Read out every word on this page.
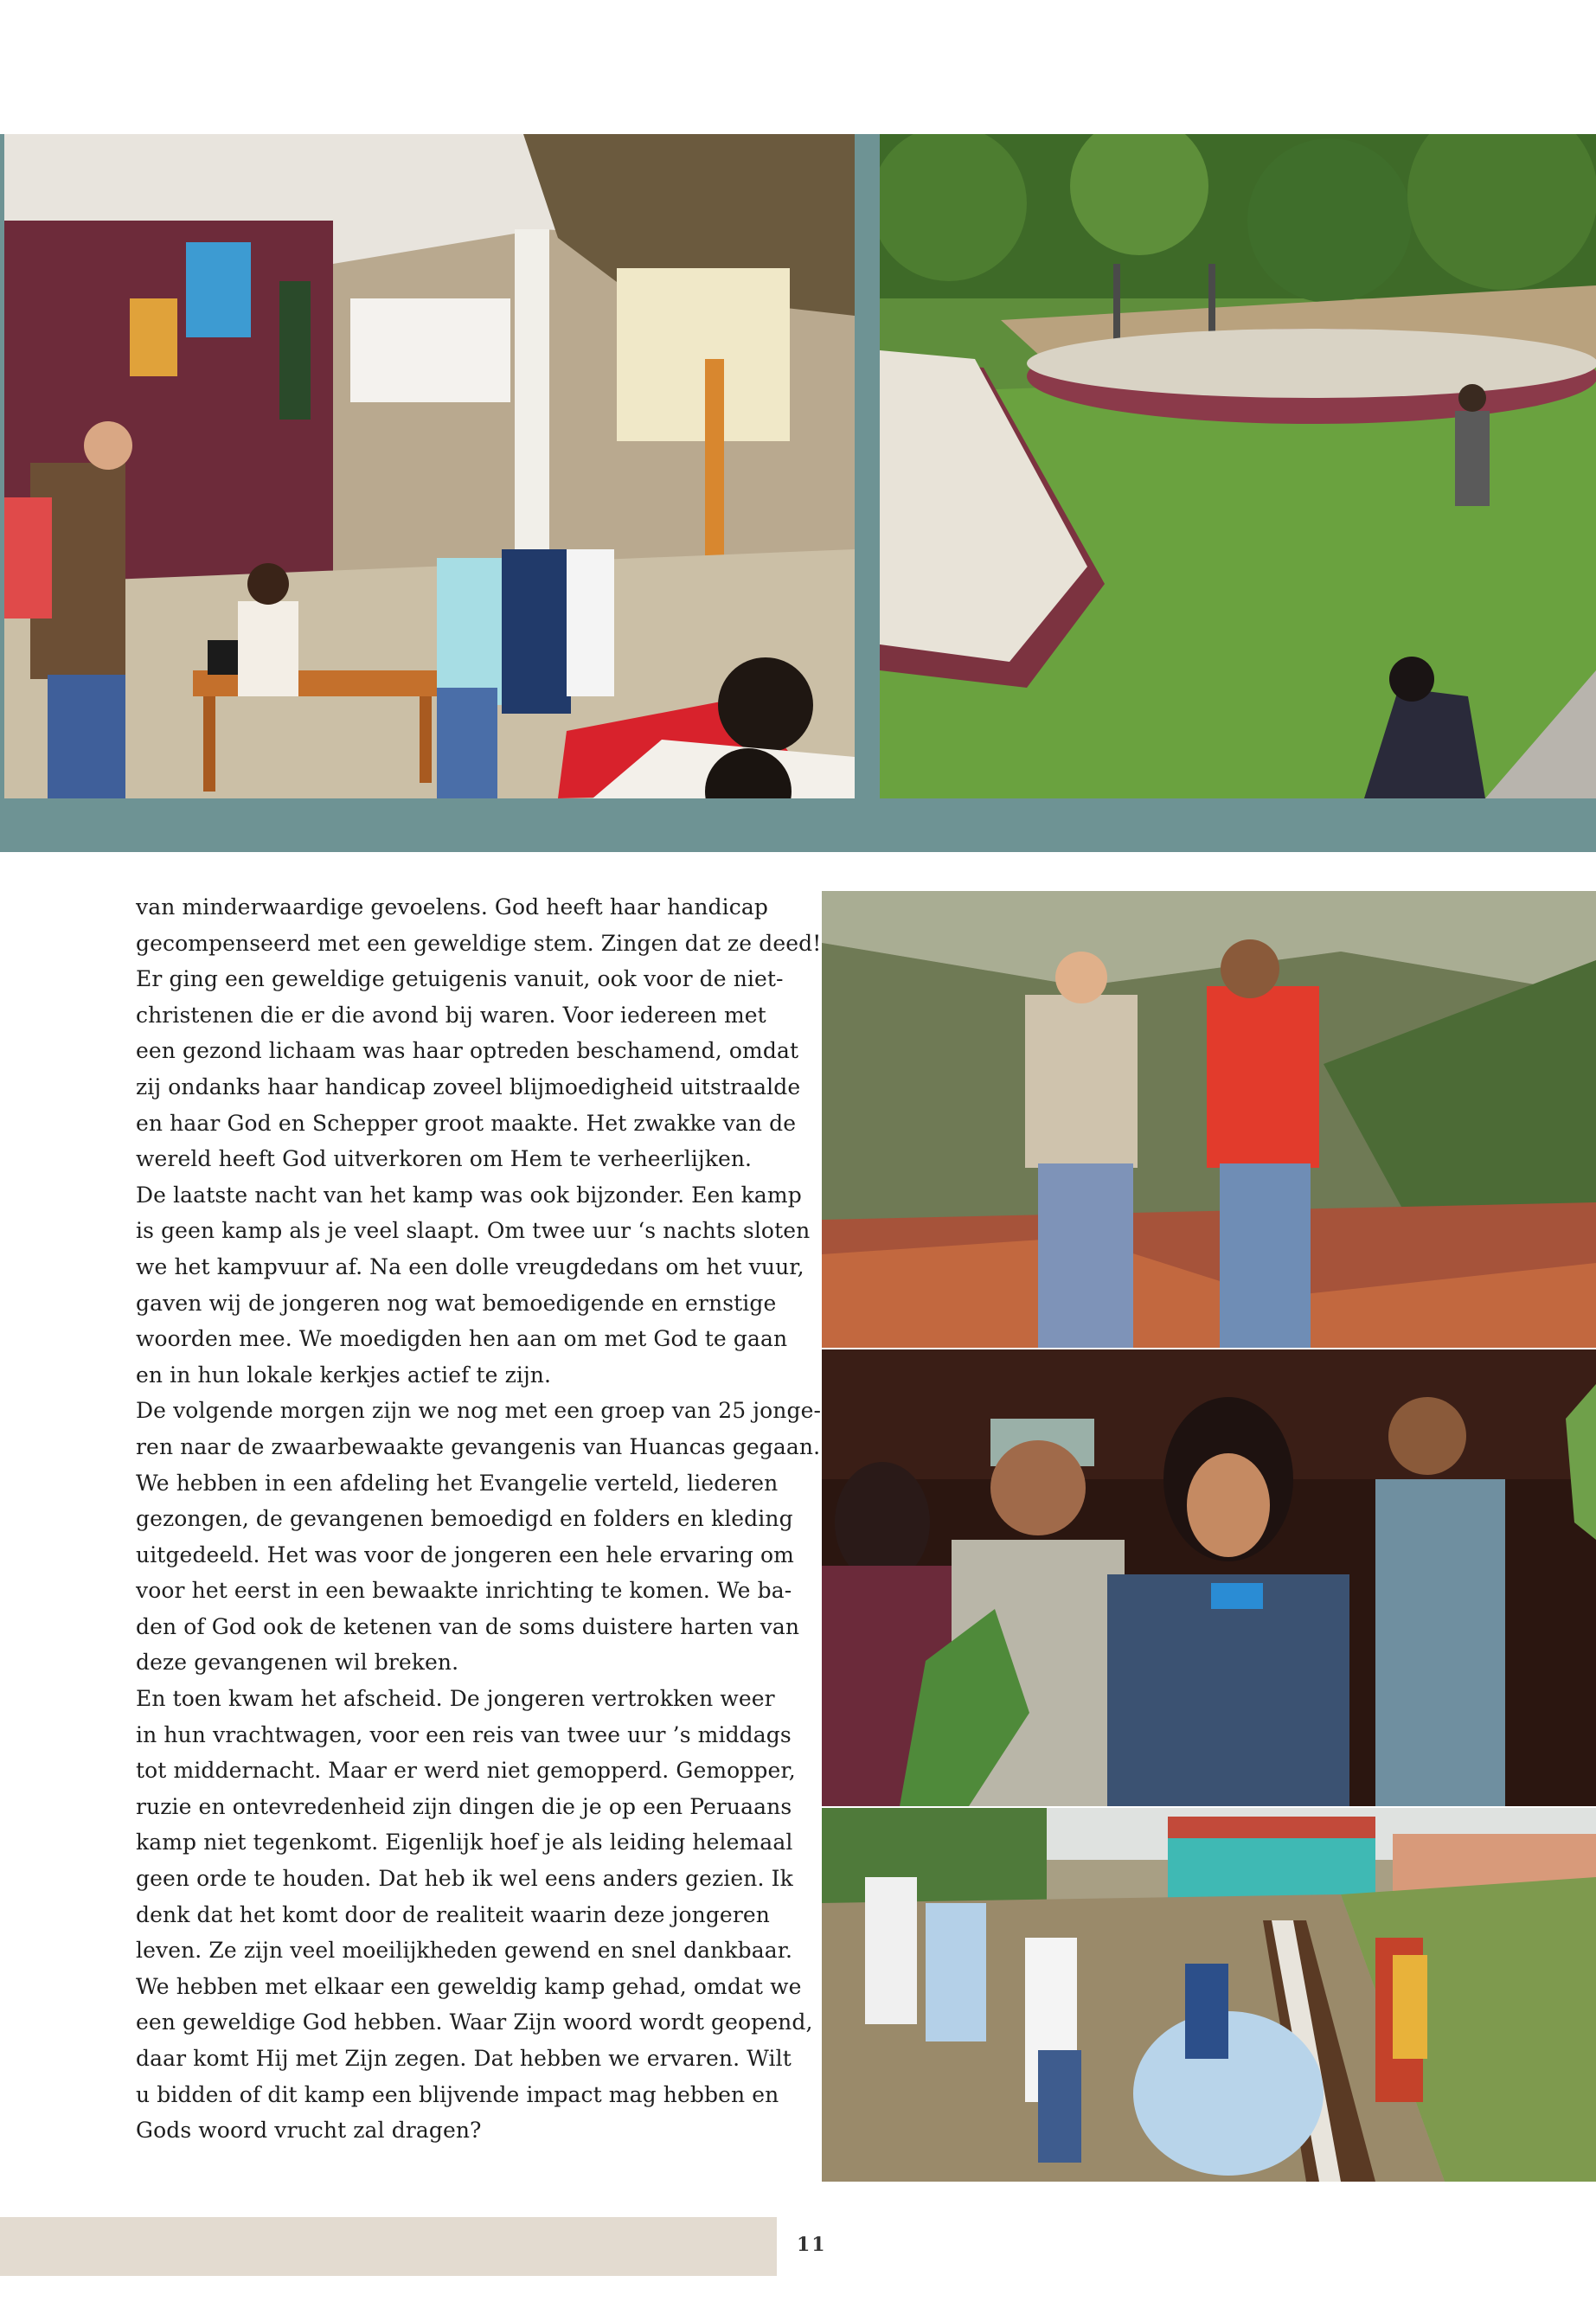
van minderwaardige gevoelens. God heeft haar handicap
gecompenseerd met een geweldige stem. Zingen dat ze deed!
Er ging een geweldige getuigenis vanuit, ook voor de niet-
christenen die er die avond bij waren. Voor iedereen met
een gezond lichaam was haar optreden beschamend, omdat
zij ondanks haar handicap zoveel blijmoedigheid uitstraalde
en haar God en Schepper groot maakte. Het zwakke van de
wereld heeft God uitverkoren om Hem te verheerlijken.
De laatste nacht van het kamp was ook bijzonder. Een kamp
is geen kamp als je veel slaapt. Om twee uur ‘s nachts sloten
we het kampvuur af. Na een dolle vreugdedans om het vuur,
gaven wij de jongeren nog wat bemoedigende en ernstige
woorden mee. We moedigden hen aan om met God te gaan
en in hun lokale kerkjes actief te zijn.
De volgende morgen zijn we nog met een groep van 25 jonge-
ren naar de zwaarbewaakte gevangenis van Huancas gegaan.
We hebben in een afdeling het Evangelie verteld, liederen
gezongen, de gevangenen bemoedigd en folders en kleding
uitgedeeld. Het was voor de jongeren een hele ervaring om
voor het eerst in een bewaakte inrichting te komen. We ba-
den of God ook de ketenen van de soms duistere harten van
deze gevangenen wil breken.
En toen kwam het afscheid. De jongeren vertrokken weer
in hun vrachtwagen, voor een reis van twee uur ’s middags
tot middernacht. Maar er werd niet gemopperd. Gemopper,
ruzie en ontevredenheid zijn dingen die je op een Peruaans
kamp niet tegenkomt. Eigenlijk hoef je als leiding helemaal
geen orde te houden. Dat heb ik wel eens anders gezien. Ik
denk dat het komt door de realiteit waarin deze jongeren
leven. Ze zijn veel moeilijkheden gewend en snel dankbaar.
We hebben met elkaar een geweldig kamp gehad, omdat we
een geweldige God hebben. Waar Zijn woord wordt geopend,
daar komt Hij met Zijn zegen. Dat hebben we ervaren. Wilt
u bidden of dit kamp een blijvende impact mag hebben en
Gods woord vrucht zal dragen?
11
